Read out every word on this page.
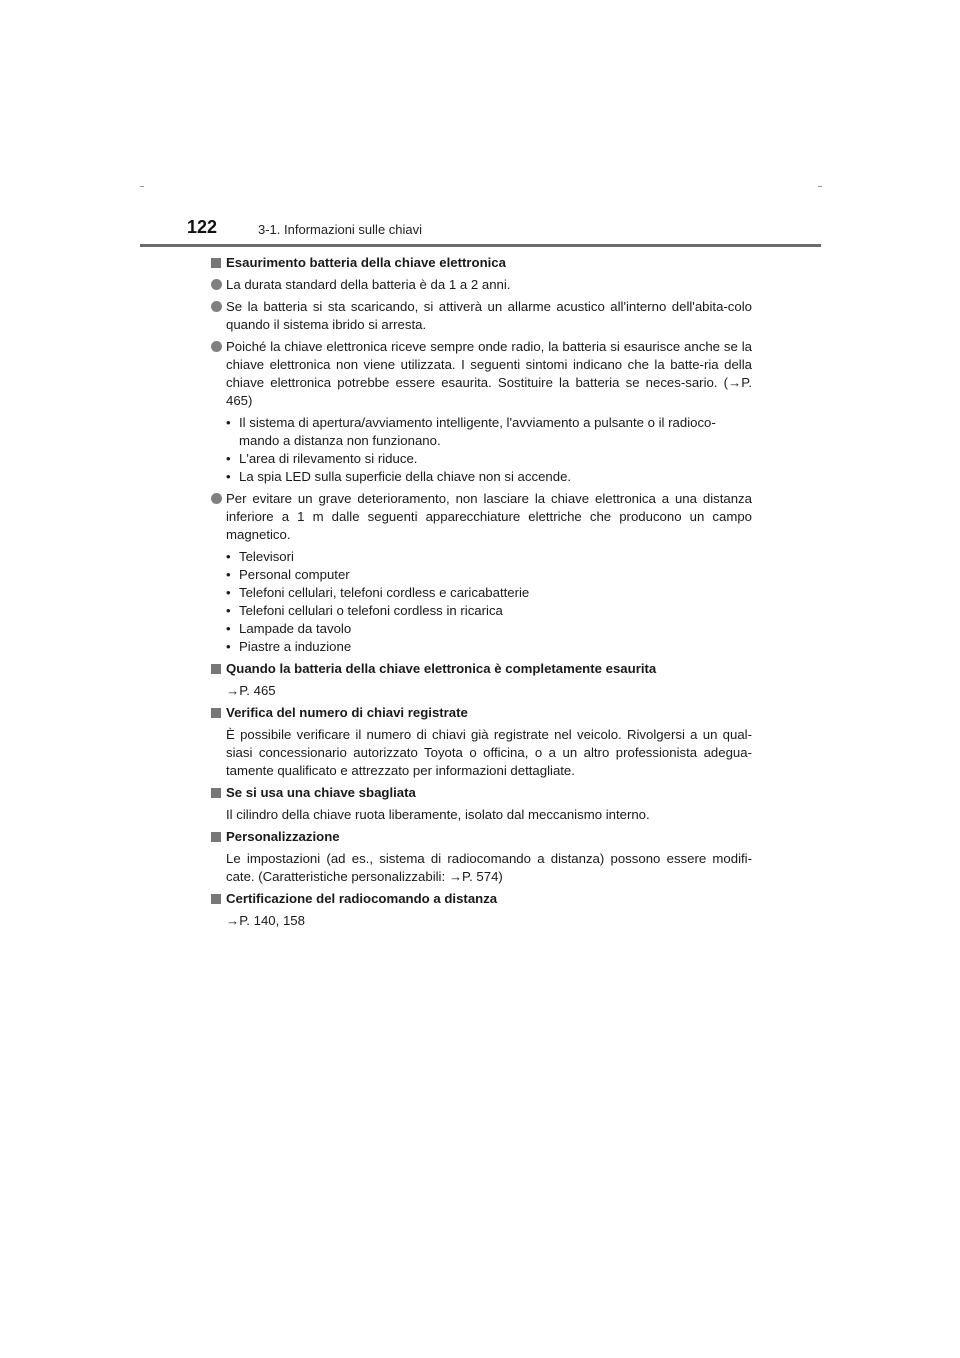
122	3-1. Informazioni sulle chiavi
Esaurimento batteria della chiave elettronica
La durata standard della batteria è da 1 a 2 anni.
Se la batteria si sta scaricando, si attiverà un allarme acustico all'interno dell'abita-colo quando il sistema ibrido si arresta.
Poiché la chiave elettronica riceve sempre onde radio, la batteria si esaurisce anche se la chiave elettronica non viene utilizzata. I seguenti sintomi indicano che la batte-ria della chiave elettronica potrebbe essere esaurita. Sostituire la batteria se neces-sario. (→P. 465)
• Il sistema di apertura/avviamento intelligente, l'avviamento a pulsante o il radioco-mando a distanza non funzionano.
• L'area di rilevamento si riduce.
• La spia LED sulla superficie della chiave non si accende.
Per evitare un grave deterioramento, non lasciare la chiave elettronica a una distanza inferiore a 1 m dalle seguenti apparecchiature elettriche che producono un campo magnetico.
• Televisori
• Personal computer
• Telefoni cellulari, telefoni cordless e caricabatterie
• Telefoni cellulari o telefoni cordless in ricarica
• Lampade da tavolo
• Piastre a induzione
Quando la batteria della chiave elettronica è completamente esaurita
→P. 465
Verifica del numero di chiavi registrate
È possibile verificare il numero di chiavi già registrate nel veicolo. Rivolgersi a un qual-siasi concessionario autorizzato Toyota o officina, o a un altro professionista adegua-tamente qualificato e attrezzato per informazioni dettagliate.
Se si usa una chiave sbagliata
Il cilindro della chiave ruota liberamente, isolato dal meccanismo interno.
Personalizzazione
Le impostazioni (ad es., sistema di radiocomando a distanza) possono essere modifi-cate. (Caratteristiche personalizzabili: →P. 574)
Certificazione del radiocomando a distanza
→P. 140, 158
